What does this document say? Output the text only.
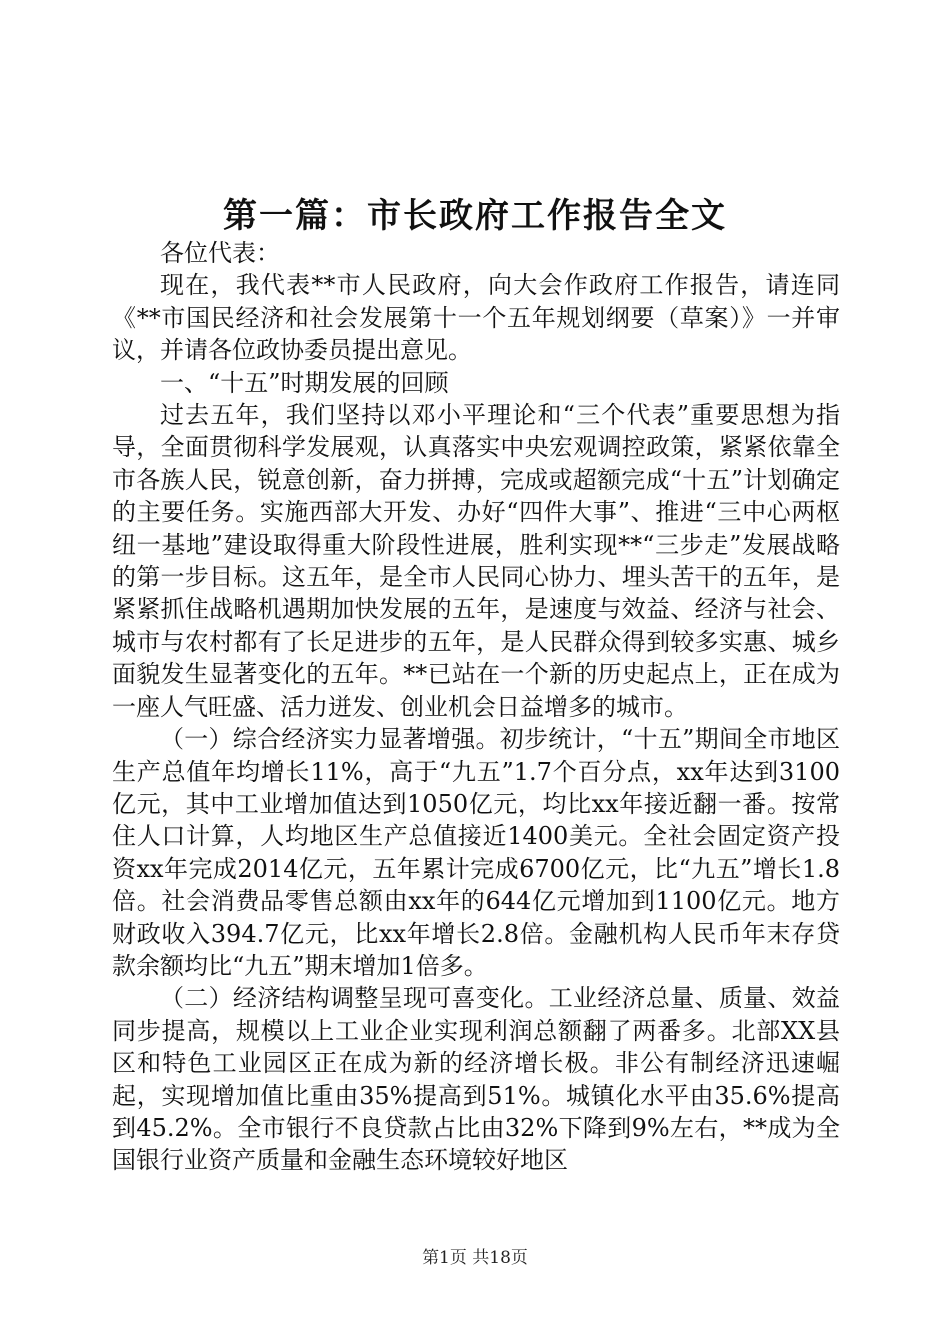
第一篇：市长政府工作报告全文

各位代表：

现在，我代表**市人民政府，向大会作政府工作报告，请连同《**市国民经济和社会发展第十一个五年规划纲要（草案）》一并审议，并请各位政协委员提出意见。

一、“十五”时期发展的回顾

过去五年，我们坚持以邓小平理论和“三个代表”重要思想为指导，全面贯彻科学发展观，认真落实中央宏观调控政策，紧紧依靠全市各族人民，锐意创新，奋力拼搏，完成或超额完成“十五”计划确定的主要任务。实施西部大开发、办好“四件大事”、推进“三中心两枢纽一基地”建设取得重大阶段性进展，胜利实现**“三步走”发展战略的第一步目标。这五年，是全市人民同心协力、埋头苦干的五年，是紧紧抓住战略机遇期加快发展的五年，是速度与效益、经济与社会、城市与农村都有了长足进步的五年，是人民群众得到较多实惠、城乡面貌发生显著变化的五年。**已站在一个新的历史起点上，正在成为一座人气旺盛、活力迸发、创业机会日益增多的城市。

（一）综合经济实力显著增强。初步统计，“十五”期间全市地区生产总值年均增长11%，高于“九五”1.7个百分点，xx年达到3100亿元，其中工业增加值达到1050亿元，均比xx年接近翻一番。按常住人口计算，人均地区生产总值接近1400美元。全社会固定资产投资xx年完成2014亿元，五年累计完成6700亿元，比“九五”增长1.8倍。社会消费品零售总额由xx年的644亿元增加到1100亿元。地方财政收入394.7亿元，比xx年增长2.8倍。金融机构人民币年末存贷款余额均比“九五”期末增加1倍多。

（二）经济结构调整呈现可喜变化。工业经济总量、质量、效益同步提高，规模以上工业企业实现利润总额翻了两番多。北部XX县区和特色工业园区正在成为新的经济增长极。非公有制经济迅速崛起，实现增加值比重由35%提高到51%。城镇化水平由35.6%提高到45.2%。全市银行不良贷款占比由32%下降到9%左右，**成为全国银行业资产质量和金融生态环境较好地区

第1页 共18页
